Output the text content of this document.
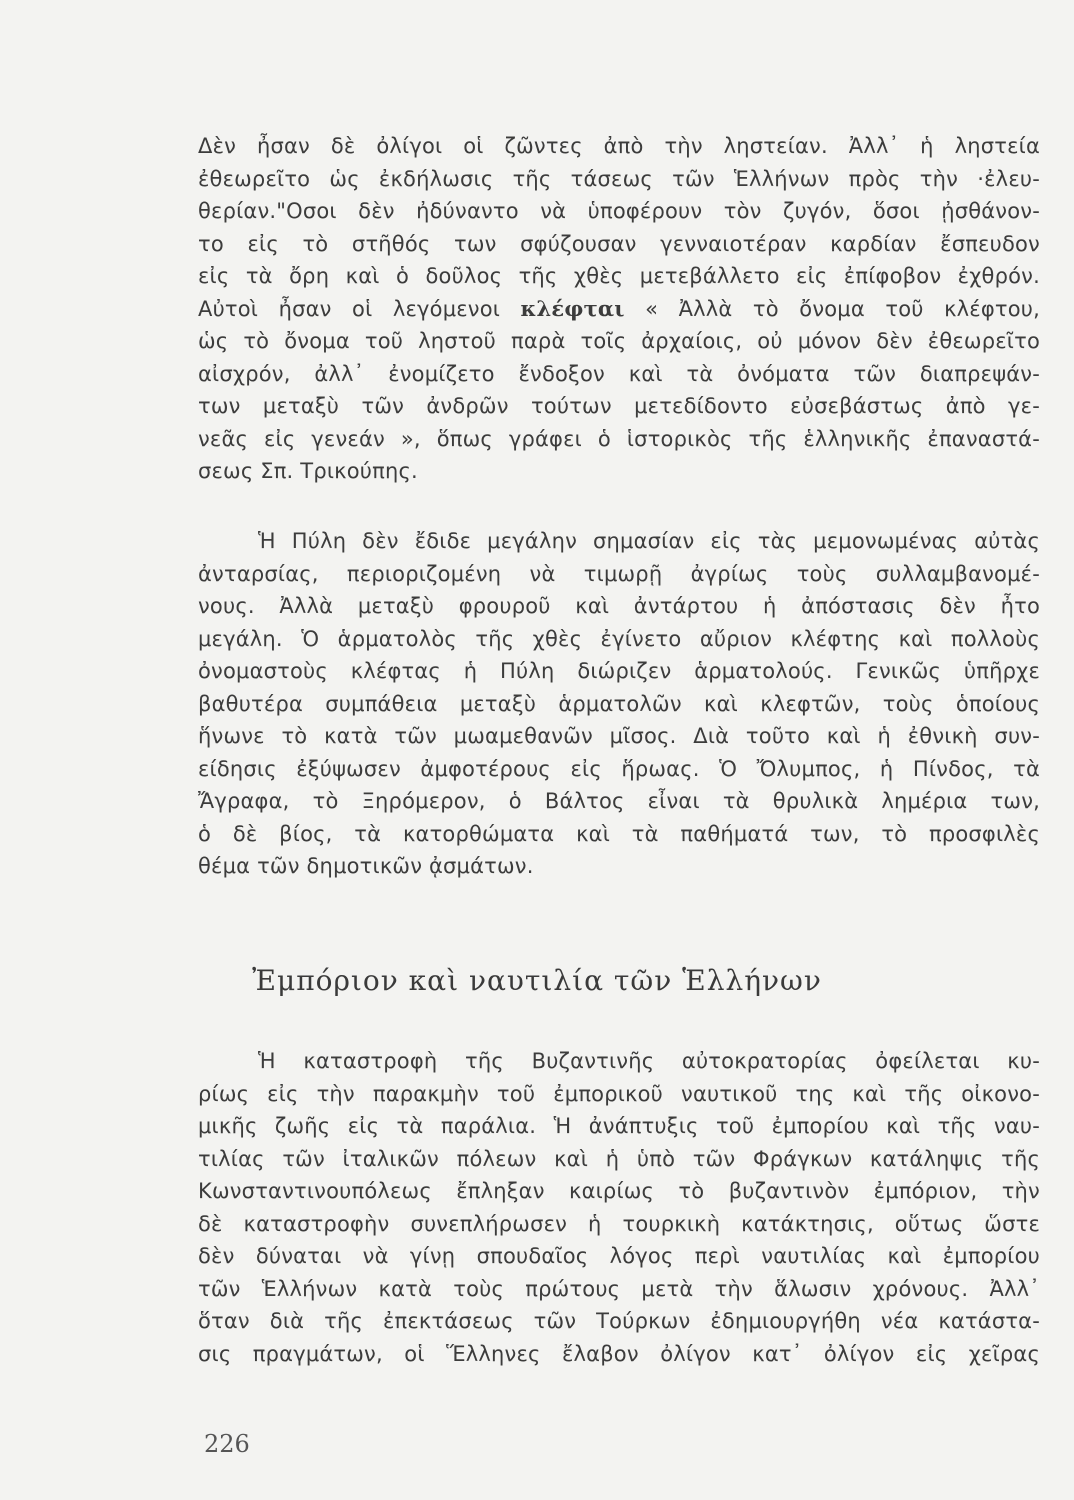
Δὲν ἦσαν δὲ ὀλίγοι οἱ ζῶντες ἀπὸ τὴν ληστείαν. Ἀλλ᾿ ἡ ληστεία
ἐθεωρεῖτο ὡς ἐκδήλωσις τῆς τάσεως τῶν Ἑλλήνων πρὸς τὴν ·ἐλευ-
θερίαν."Οσοι δὲν ἠδύναντο νὰ ὑποφέρουν τὸν ζυγόν, ὅσοι ᾐσθάνον-
το εἰς τὸ στῆθός των σφύζουσαν γενναιοτέραν καρδίαν ἔσπευδον
εἰς τὰ ὄρη καὶ ὁ δοῦλος τῆς χθὲς μετεβάλλετο εἰς ἐπίφοβον ἐχθρόν.
Αὐτοὶ ἦσαν οἱ λεγόμενοι κλέφται « Ἀλλὰ τὸ ὄνομα τοῦ κλέφτου,
ὡς τὸ ὄνομα τοῦ ληστοῦ παρὰ τοῖς ἀρχαίοις, οὐ μόνον δὲν ἐθεωρεῖτο
αἰσχρόν, ἀλλ᾿ ἐνομίζετο ἔνδοξον καὶ τὰ ὀνόματα τῶν διαπρεψάν-
των μεταξὺ τῶν ἀνδρῶν τούτων μετεδίδοντο εὐσεβάστως ἀπὸ γε-
νεᾶς εἰς γενεάν », ὅπως γράφει ὁ ἱστορικὸς τῆς ἑλληνικῆς ἐπαναστά-
σεως Σπ. Τρικούπης.
Ἡ Πύλη δὲν ἔδιδε μεγάλην σημασίαν εἰς τὰς μεμονωμένας αὐτὰς
ἀνταρσίας, περιοριζομένη νὰ τιμωρῇ ἀγρίως τοὺς συλλαμβανομέ-
νους. Ἀλλὰ μεταξὺ φρουροῦ καὶ ἀντάρτου ἡ ἀπόστασις δὲν ἦτο
μεγάλη. Ὁ ἁρματολὸς τῆς χθὲς ἐγίνετο αὔριον κλέφτης καὶ πολλοὺς
ὀνομαστοὺς κλέφτας ἡ Πύλη διώριζεν ἁρματολούς. Γενικῶς ὑπῆρχε
βαθυτέρα συμπάθεια μεταξὺ ἁρματολῶν καὶ κλεφτῶν, τοὺς ὁποίους
ἥνωνε τὸ κατὰ τῶν μωαμεθανῶν μῖσος. Διὰ τοῦτο καὶ ἡ ἐθνικὴ συν-
είδησις ἐξύψωσεν ἀμφοτέρους εἰς ἥρωας. Ὁ Ὄλυμπος, ἡ Πίνδος, τὰ
Ἄγραφα, τὸ Ξηρόμερον, ὁ Βάλτος εἶναι τὰ θρυλικὰ λημέρια των,
ὁ δὲ βίος, τὰ κατορθώματα καὶ τὰ παθήματά των, τὸ προσφιλὲς
θέμα τῶν δημοτικῶν ᾀσμάτων.
Ἐμπόριον καὶ ναυτιλία τῶν Ἑλλήνων
Ἡ καταστροφὴ τῆς Βυζαντινῆς αὐτοκρατορίας ὀφείλεται κυ-
ρίως εἰς τὴν παρακμὴν τοῦ ἐμπορικοῦ ναυτικοῦ της καὶ τῆς οἰκονο-
μικῆς ζωῆς εἰς τὰ παράλια. Ἡ ἀνάπτυξις τοῦ ἐμπορίου καὶ τῆς ναυ-
τιλίας τῶν ἰταλικῶν πόλεων καὶ ἡ ὑπὸ τῶν Φράγκων κατάληψις τῆς
Κωνσταντινουπόλεως ἔπληξαν καιρίως τὸ βυζαντινὸν ἐμπόριον, τὴν
δὲ καταστροφὴν συνεπλήρωσεν ἡ τουρκικὴ κατάκτησις, οὕτως ὥστε
δὲν δύναται νὰ γίνῃ σπουδαῖος λόγος περὶ ναυτιλίας καὶ ἐμπορίου
τῶν Ἑλλήνων κατὰ τοὺς πρώτους μετὰ τὴν ἅλωσιν χρόνους. Ἀλλ᾿
ὅταν διὰ τῆς ἐπεκτάσεως τῶν Τούρκων ἐδημιουργήθη νέα κατάστα-
σις πραγμάτων, οἱ Ἕλληνες ἔλαβον ὀλίγον κατ᾿ ὀλίγον εἰς χεῖρας
226
